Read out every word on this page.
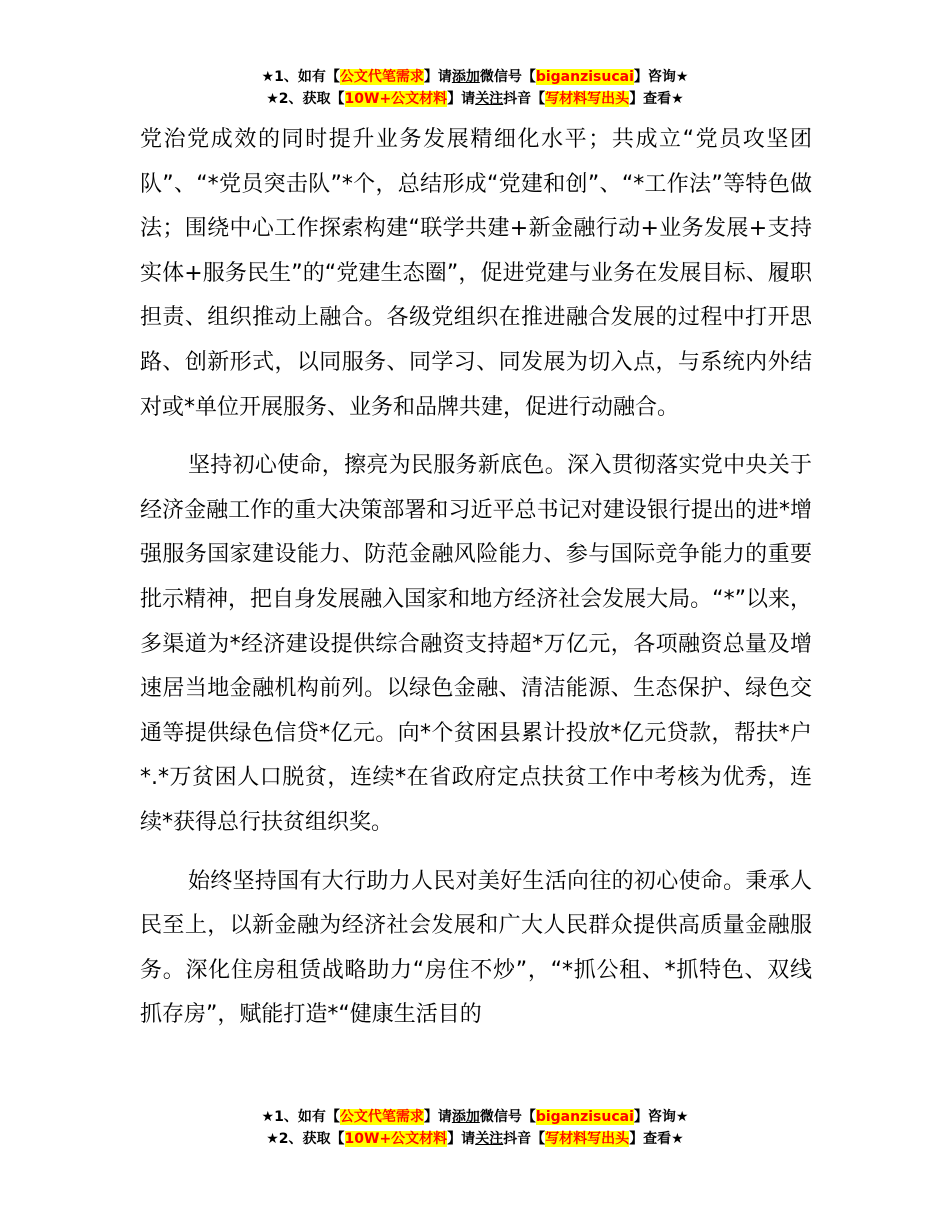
★1、如有【公文代笔需求】请添加微信号【biganzisucai】咨询★
★2、获取【10W+公文材料】请关注抖音【写材料写出头】查看★

党治党成效的同时提升业务发展精细化水平；共成立“党员攻坚团队”、“*党员突击队”*个，总结形成“党建和创”、“*工作法”等特色做法；围绕中心工作探索构建“联学共建+新金融行动+业务发展+支持实体+服务民生”的“党建生态圈”，促进党建与业务在发展目标、履职担责、组织推动上融合。各级党组织在推进融合发展的过程中打开思路、创新形式，以同服务、同学习、同发展为切入点，与系统内外结对或*单位开展服务、业务和品牌共建，促进行动融合。

坚持初心使命，擦亮为民服务新底色。深入贯彻落实党中央关于经济金融工作的重大决策部署和习近平总书记对建设银行提出的进*增强服务国家建设能力、防范金融风险能力、参与国际竞争能力的重要批示精神，把自身发展融入国家和地方经济社会发展大局。“*”以来，多渠道为*经济建设提供综合融资支持超*万亿元，各项融资总量及增速居当地金融机构前列。以绿色金融、清洁能源、生态保护、绿色交通等提供绿色信贷*亿元。向*个贫困县累计投放*亿元贷款，帮扶*户*.*万贫困人口脱贫，连续*在省政府定点扶贫工作中考核为优秀，连续*获得总行扶贫组织奖。

始终坚持国有大行助力人民对美好生活向往的初心使命。秉承人民至上，以新金融为经济社会发展和广大人民群众提供高质量金融服务。深化住房租赁战略助力“房住不炒”，“*抓公租、*抓特色、双线抓存房”，赋能打造*“健康生活目的

★1、如有【公文代笔需求】请添加微信号【biganzisucai】咨询★
★2、获取【10W+公文材料】请关注抖音【写材料写出头】查看★
